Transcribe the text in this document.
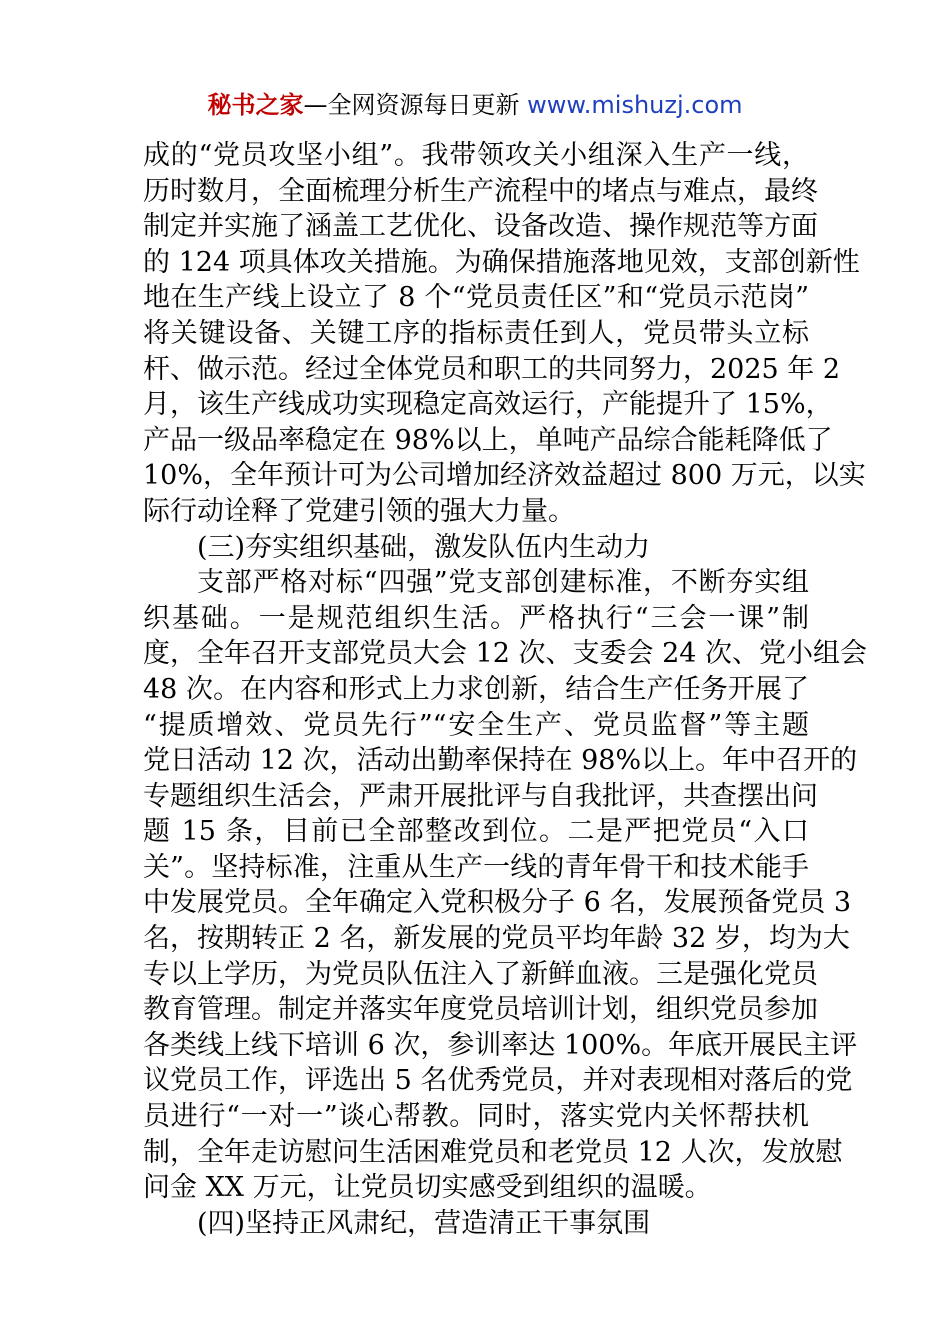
秘书之家—全网资源每日更新 www.mishuzj.com
成的“党员攻坚小组”。我带领攻关小组深入生产一线，
历时数月，全面梳理分析生产流程中的堵点与难点，最终
制定并实施了涵盖工艺优化、设备改造、操作规范等方面
的 124 项具体攻关措施。为确保措施落地见效，支部创新性
地在生产线上设立了 8 个“党员责任区”和“党员示范岗”
将关键设备、关键工序的指标责任到人，党员带头立标
杆、做示范。经过全体党员和职工的共同努力，2025 年 2
月，该生产线成功实现稳定高效运行，产能提升了 15%，
产品一级品率稳定在 98%以上，单吨产品综合能耗降低了
10%，全年预计可为公司增加经济效益超过 800 万元，以实
际行动诠释了党建引领的强大力量。
(三)夯实组织基础，激发队伍内生动力
支部严格对标“四强”党支部创建标准，不断夯实组
织基础。一是规范组织生活。严格执行“三会一课”制
度，全年召开支部党员大会 12 次、支委会 24 次、党小组会
48 次。在内容和形式上力求创新，结合生产任务开展了
“提质增效、党员先行”“安全生产、党员监督”等主题
党日活动 12 次，活动出勤率保持在 98%以上。年中召开的
专题组织生活会，严肃开展批评与自我批评，共查摆出问
题 15 条，目前已全部整改到位。二是严把党员“入口
关”。坚持标准，注重从生产一线的青年骨干和技术能手
中发展党员。全年确定入党积极分子 6 名，发展预备党员 3
名，按期转正 2 名，新发展的党员平均年龄 32 岁，均为大
专以上学历，为党员队伍注入了新鲜血液。三是强化党员
教育管理。制定并落实年度党员培训计划，组织党员参加
各类线上线下培训 6 次，参训率达 100%。年底开展民主评
议党员工作，评选出 5 名优秀党员，并对表现相对落后的党
员进行“一对一”谈心帮教。同时，落实党内关怀帮扶机
制，全年走访慰问生活困难党员和老党员 12 人次，发放慰
问金 XX 万元，让党员切实感受到组织的温暖。
(四)坚持正风肃纪，营造清正干事氛围
